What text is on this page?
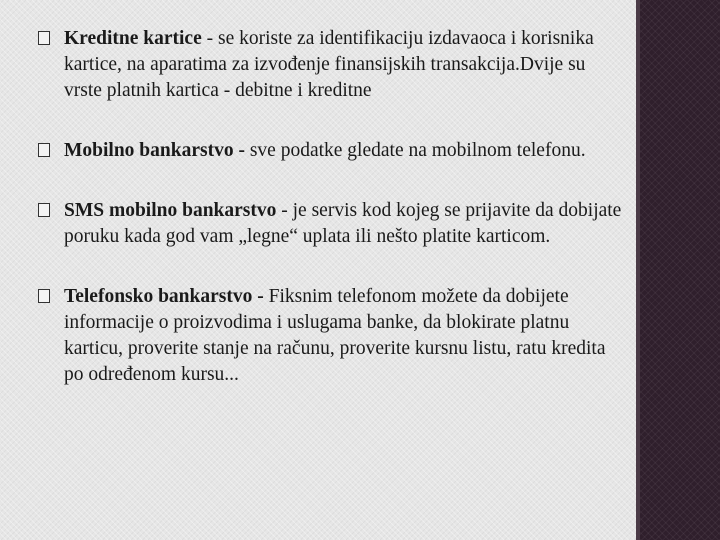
Kreditne kartice - se koriste za identifikaciju izdavaoca i korisnika kartice, na aparatima za izvođenje finansijskih transakcija.Dvije su vrste platnih kartica - debitne i kreditne
Mobilno bankarstvo - sve podatke gledate na mobilnom telefonu.
SMS mobilno bankarstvo - je servis kod kojeg se prijavite da dobijate poruku kada god vam „legne“ uplata ili nešto platite karticom.
Telefonsko bankarstvo - Fiksnim telefonom možete da dobijete informacije o proizvodima i uslugama banke, da blokirate platnu karticu, proverite stanje na računu, proverite kursnu listu, ratu kredita po određenom kursu...
